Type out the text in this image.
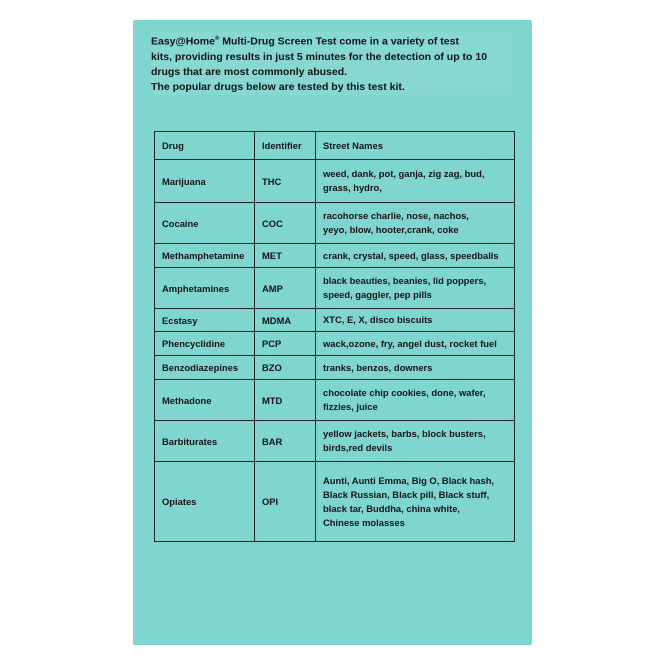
Easy@Home® Multi-Drug Screen Test come in a variety of test
kits, providing results in just 5 minutes for the detection of up to 10
drugs that are most commonly abused.
The popular drugs below are tested by this test kit.
Drug	Identifier	Street Names
Marijuana	THC	weed, dank, pot, ganja, zig zag, bud,
grass, hydro,

Cocaine	COC	racohorse charlie, nose, nachos,
yeyo, blow, hooter,crank, coke

Methamphetamine	MET	crank, crystal, speed, glass, speedballs

Amphetamines	AMP	black beauties, beanies, lid poppers,
speed, gaggler, pep pills

Ecstasy	MDMA	XTC, E, X, disco biscuits

Phencyclidine	PCP	wack,ozone, fry, angel dust, rocket fuel

Benzodiazepines	BZO	tranks, benzos, downers

Methadone	MTD	chocolate chip cookies, done, wafer,
fizzies, juice

Barbiturates	BAR	yellow jackets, barbs, block busters,
birds,red devils

Opiates	OPI	Aunti, Aunti Emma, Big O, Black hash,
Black Russian, Black pill, Black stuff,
black tar, Buddha, china white,
Chinese molasses
